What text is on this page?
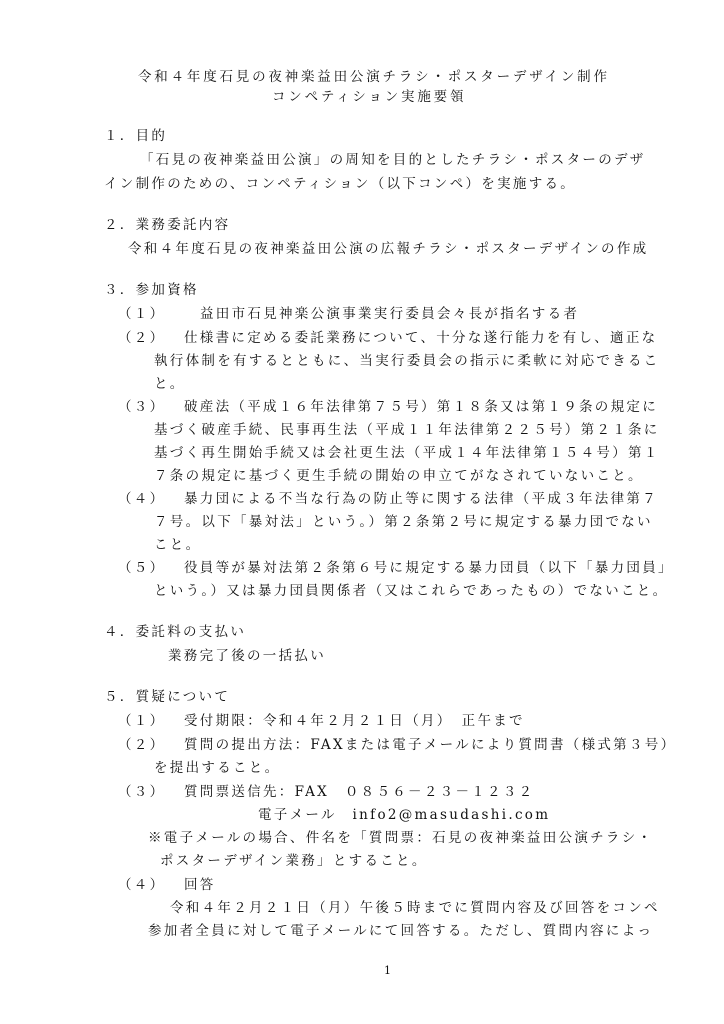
令和４年度石見の夜神楽益田公演チラシ・ポスターデザイン制作

コンペティション実施要領

１．目的

「石見の夜神楽益田公演」の周知を目的としたチラシ・ポスターのデザ

イン制作のための、コンペティション（以下コンペ）を実施する。

２．業務委託内容

令和４年度石見の夜神楽益田公演の広報チラシ・ポスターデザインの作成

３．参加資格

（１）	益田市石見神楽公演事業実行委員会々長が指名する者

（２） 仕様書に定める委託業務について、十分な遂行能力を有し、適正な

執行体制を有するとともに、当実行委員会の指示に柔軟に対応できるこ

と。

（３） 破産法（平成１６年法律第７５号）第１８条又は第１９条の規定に

基づく破産手続、民事再生法（平成１１年法律第２２５号）第２１条に

基づく再生開始手続又は会社更生法（平成１４年法律第１５４号）第１

７条の規定に基づく更生手続の開始の申立てがなされていないこと。

（４） 暴力団による不当な行為の防止等に関する法律（平成３年法律第７

７号。以下「暴対法」という。）第２条第２号に規定する暴力団でない

こと。

（５） 役員等が暴対法第２条第６号に規定する暴力団員（以下「暴力団員」

という。）又は暴力団員関係者（又はこれらであったもの）でないこと。

４．委託料の支払い

業務完了後の一括払い

５．質疑について

（１） 受付期限：令和４年２月２１日（月）　正午まで

（２） 質問の提出方法：FAXまたは電子メールにより質問書（様式第３号）

を提出すること。

（３） 質問票送信先：FAX　０８５６－２３－１２３２

電子メール　info2@masudashi.com

※電子メールの場合、件名を「質問票：石見の夜神楽益田公演チラシ・

ポスターデザイン業務」とすること。

（４） 回答

令和４年２月２１日（月）午後５時までに質問内容及び回答をコンペ

参加者全員に対して電子メールにて回答する。ただし、質問内容によっ

1
